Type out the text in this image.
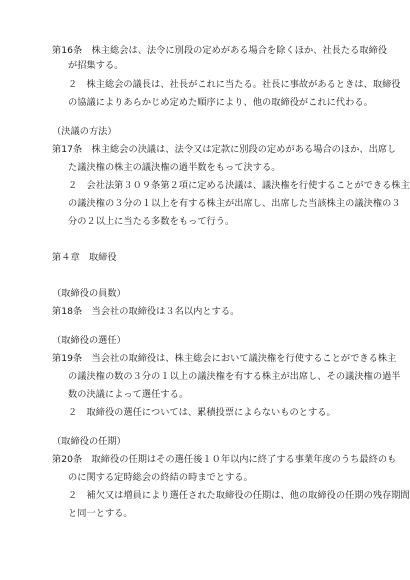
第16条　株主総会は、法令に別段の定めがある場合を除くほか、社長たる取締役
が招集する。
２　株主総会の議長は、社長がこれに当たる。社長に事故があるときは、取締役
の協議によりあらかじめ定めた順序により、他の取締役がこれに代わる。
（決議の方法）
第17条　株主総会の決議は、法令又は定款に別段の定めがある場合のほか、出席し
た議決権の株主の議決権の過半数をもって決する。
２　会社法第３０９条第２項に定める決議は、議決権を行使することができる株主
の議決権の３分の１以上を有する株主が出席し、出席した当該株主の議決権の３
分の２以上に当たる多数をもって行う。
第４章　取締役
（取締役の員数）
第18条　当会社の取締役は３名以内とする。
（取締役の選任）
第19条　当会社の取締役は、株主総会において議決権を行使することができる株主
の議決権の数の３分の１以上の議決権を有する株主が出席し、その議決権の過半
数の決議によって選任する。
２　取締役の選任については、累積投票によらないものとする。
（取締役の任期）
第20条　取締役の任期はその選任後１０年以内に終了する事業年度のうち最終のも
のに関する定時総会の終結の時までとする。
２　補欠又は増員により選任された取締役の任期は、他の取締役の任期の残存期間
と同一とする。
